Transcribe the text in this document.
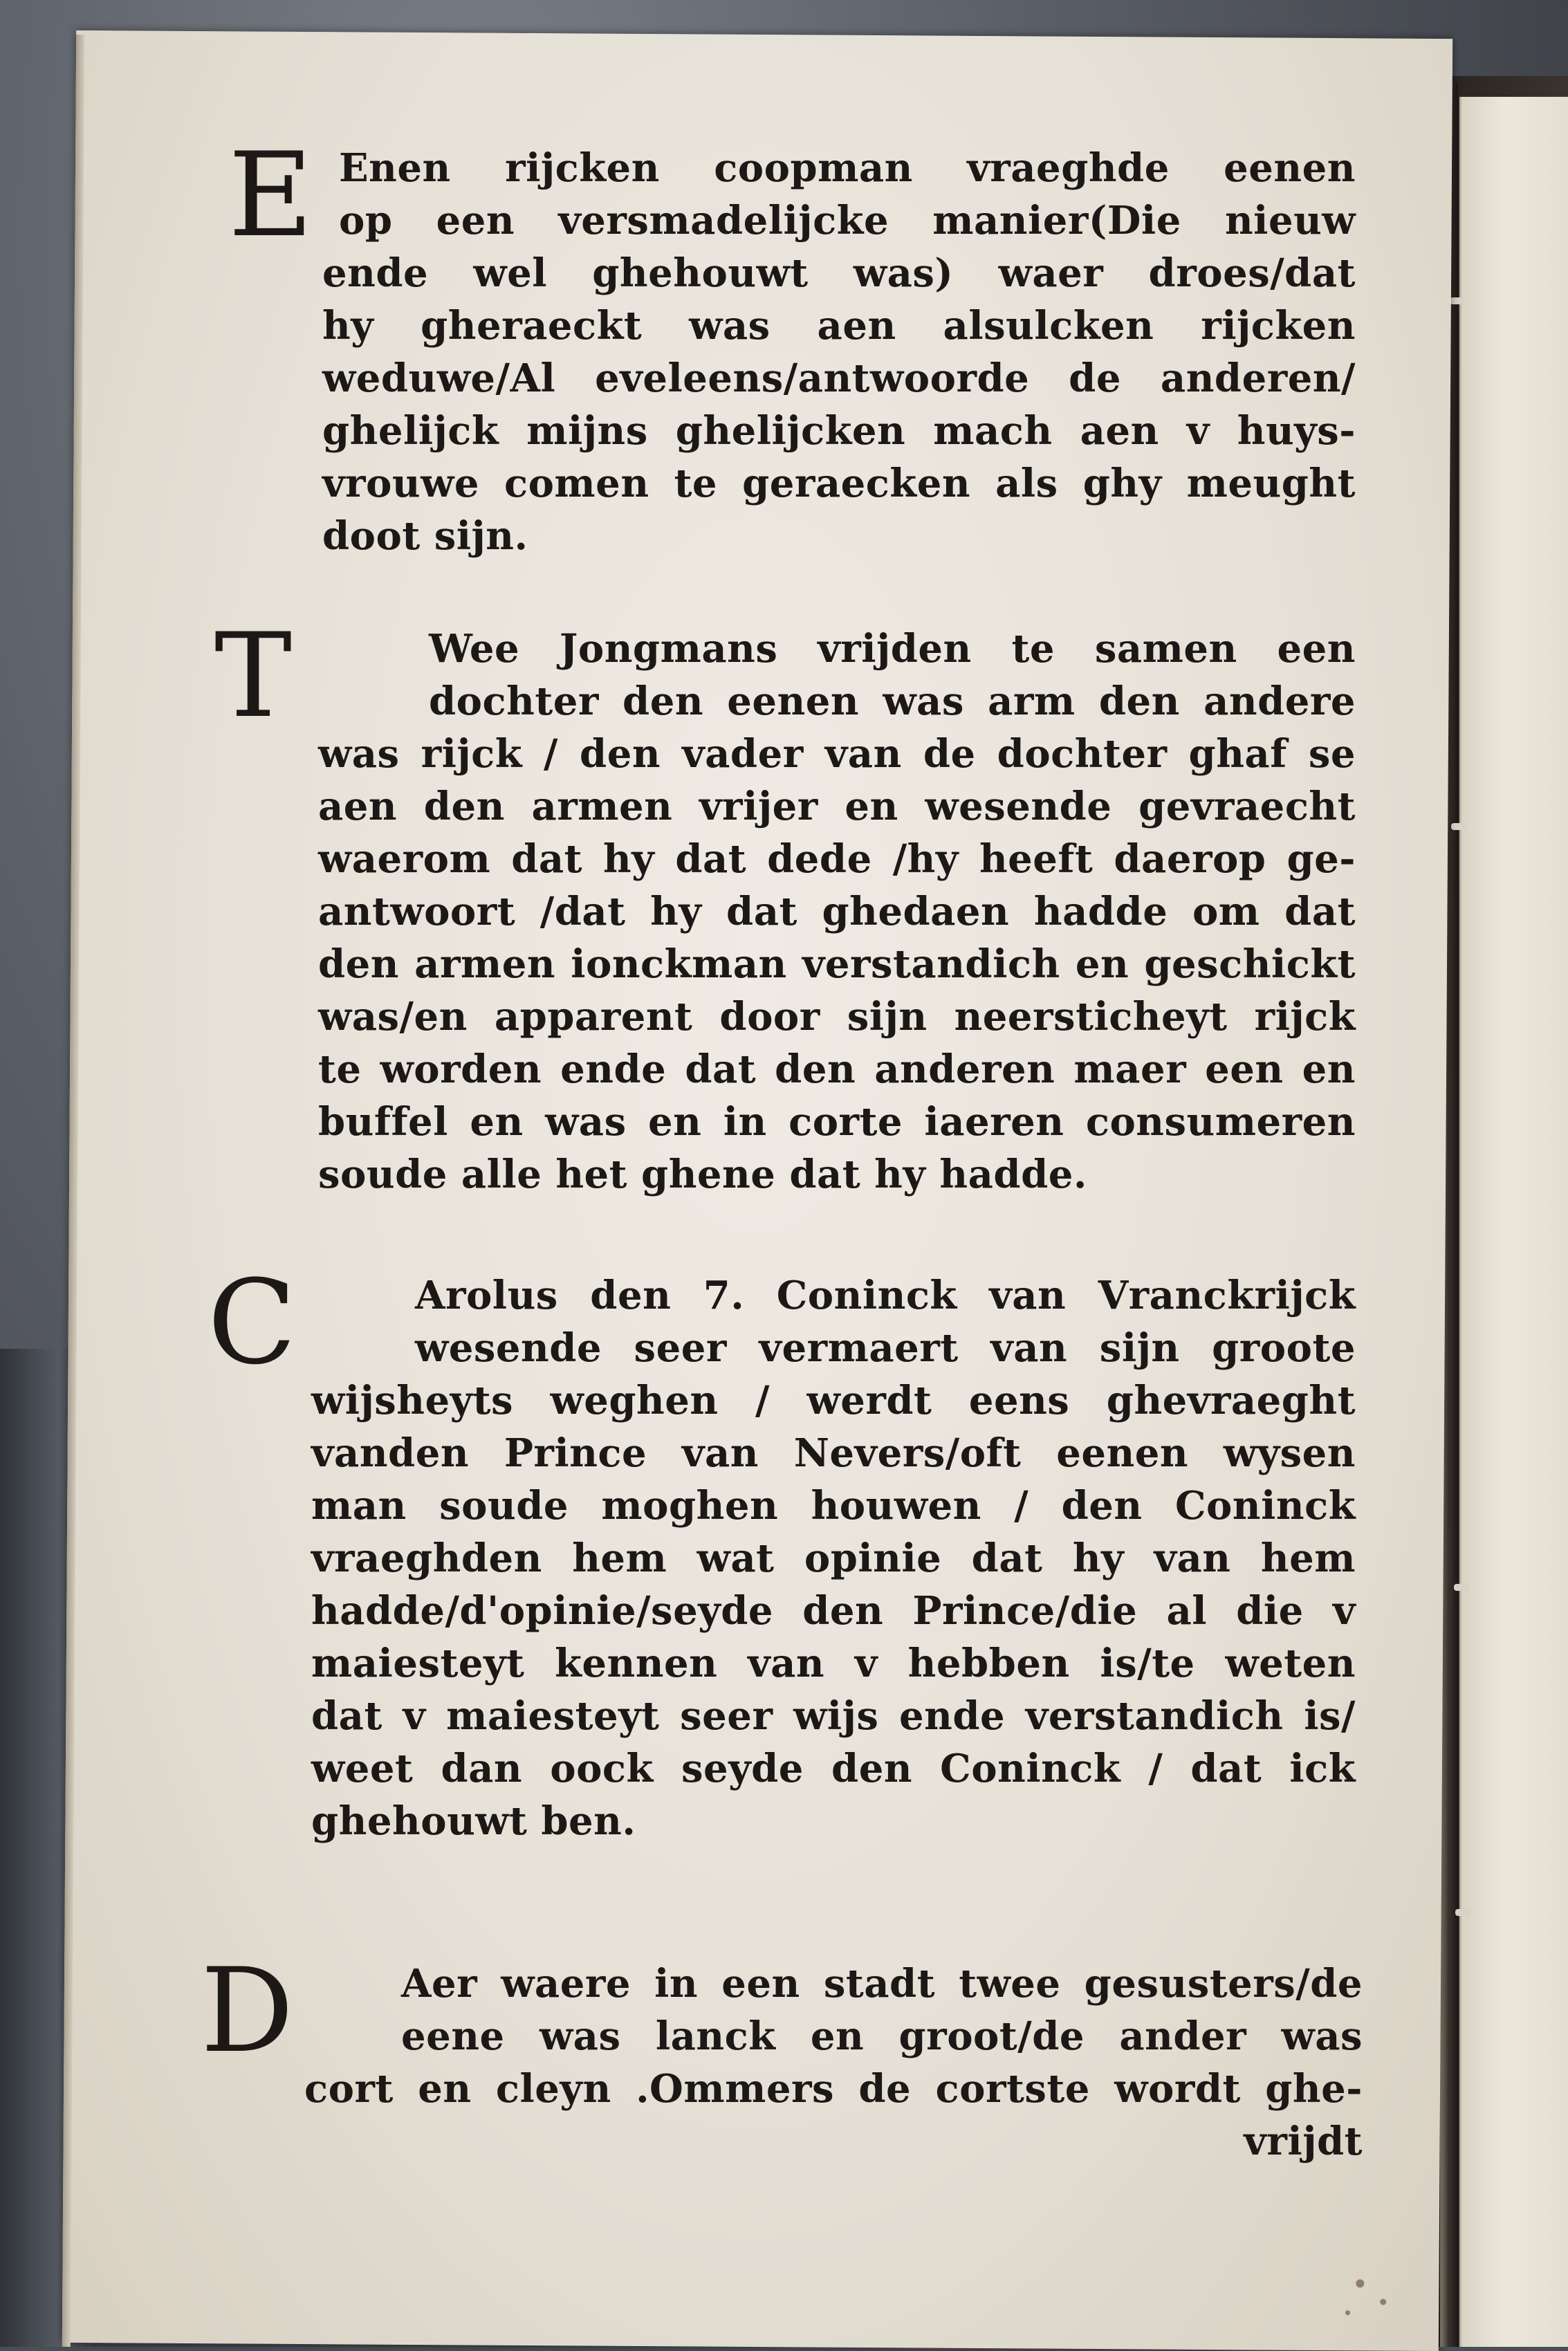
E Enen rijcken coopman vraeghde eenen
op een versmadelijcke manier(Die nieuw
ende wel ghehouwt was) waer droes/dat
hy gheraeckt was aen alsulcken rijcken
weduwe/Al eveleens/antwoorde de anderen/
ghelijck mijns ghelijcken mach aen v huys-
vrouwe comen te geraecken als ghy meught
doot sijn.
T	Wee Jongmans vrijden te samen een
dochter den eenen was arm den andere
was rijck / den vader van de dochter ghaf se
aen den armen vrijer en wesende gevraecht
waerom dat hy dat dede /hy heeft daerop ge-
antwoort /dat hy dat ghedaen hadde om dat
den armen ionckman verstandich en geschickt
was/en apparent door sijn neersticheyt rijck
te worden ende dat den anderen maer een en
buffel en was en in corte iaeren consumeren
soude alle het ghene dat hy hadde.
C	Arolus den 7. Coninck van Vranckrijck
wesende seer vermaert van sijn groote
wijsheyts weghen / werdt eens ghevraeght
vanden Prince van Nevers/oft eenen wysen
man soude moghen houwen / den Coninck
vraeghden hem wat opinie dat hy van hem
hadde/d'opinie/seyde den Prince/die al die v
maiesteyt kennen van v hebben is/te weten
dat v maiesteyt seer wijs ende verstandich is/
weet dan oock seyde den Coninck / dat ick
ghehouwt ben.
D	Aer waere in een stadt twee gesusters/de
eene was lanck en groot/de ander was
cort en cleyn .Ommers de cortste wordt ghe-
vrijdt
